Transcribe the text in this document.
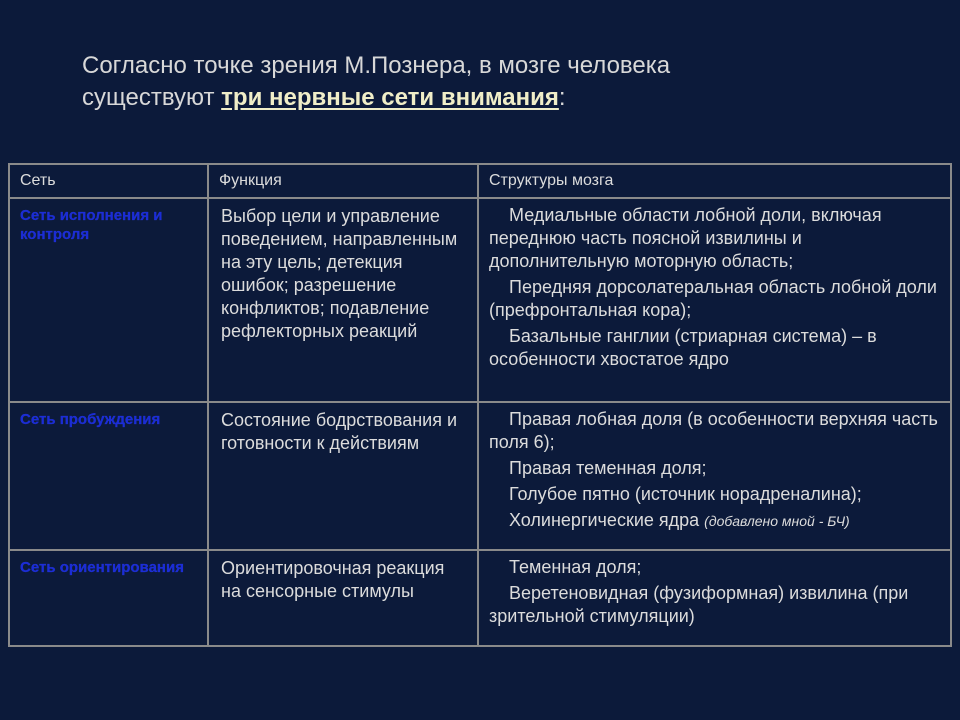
Согласно точке зрения М.Познера, в мозге человека
существуют три нервные сети внимания:
Сеть	Функция	Структуры мозга

Сеть исполнения и контроля	Выбор цели и управление поведением, направленным на эту цель; детекция ошибок; разрешение конфликтов; подавление рефлекторных реакций	Медиальные области лобной доли, включая переднюю часть поясной извилины и дополнительную моторную область;

Передняя дорсолатеральная область лобной доли (префронтальная кора);

Базальные ганглии (стриарная система) – в особенности хвостатое ядро

Сеть пробуждения	Состояние бодрствования и готовности к действиям	Правая лобная доля (в особенности верхняя часть поля 6);

Правая теменная доля;

Голубое пятно (источник норадреналина);

Холинергические ядра (добавлено мной - БЧ)

Сеть ориентирования	Ориентировочная реакция на сенсорные стимулы	Теменная доля;

Веретеновидная (фузиформная) извилина (при зрительной стимуляции)
